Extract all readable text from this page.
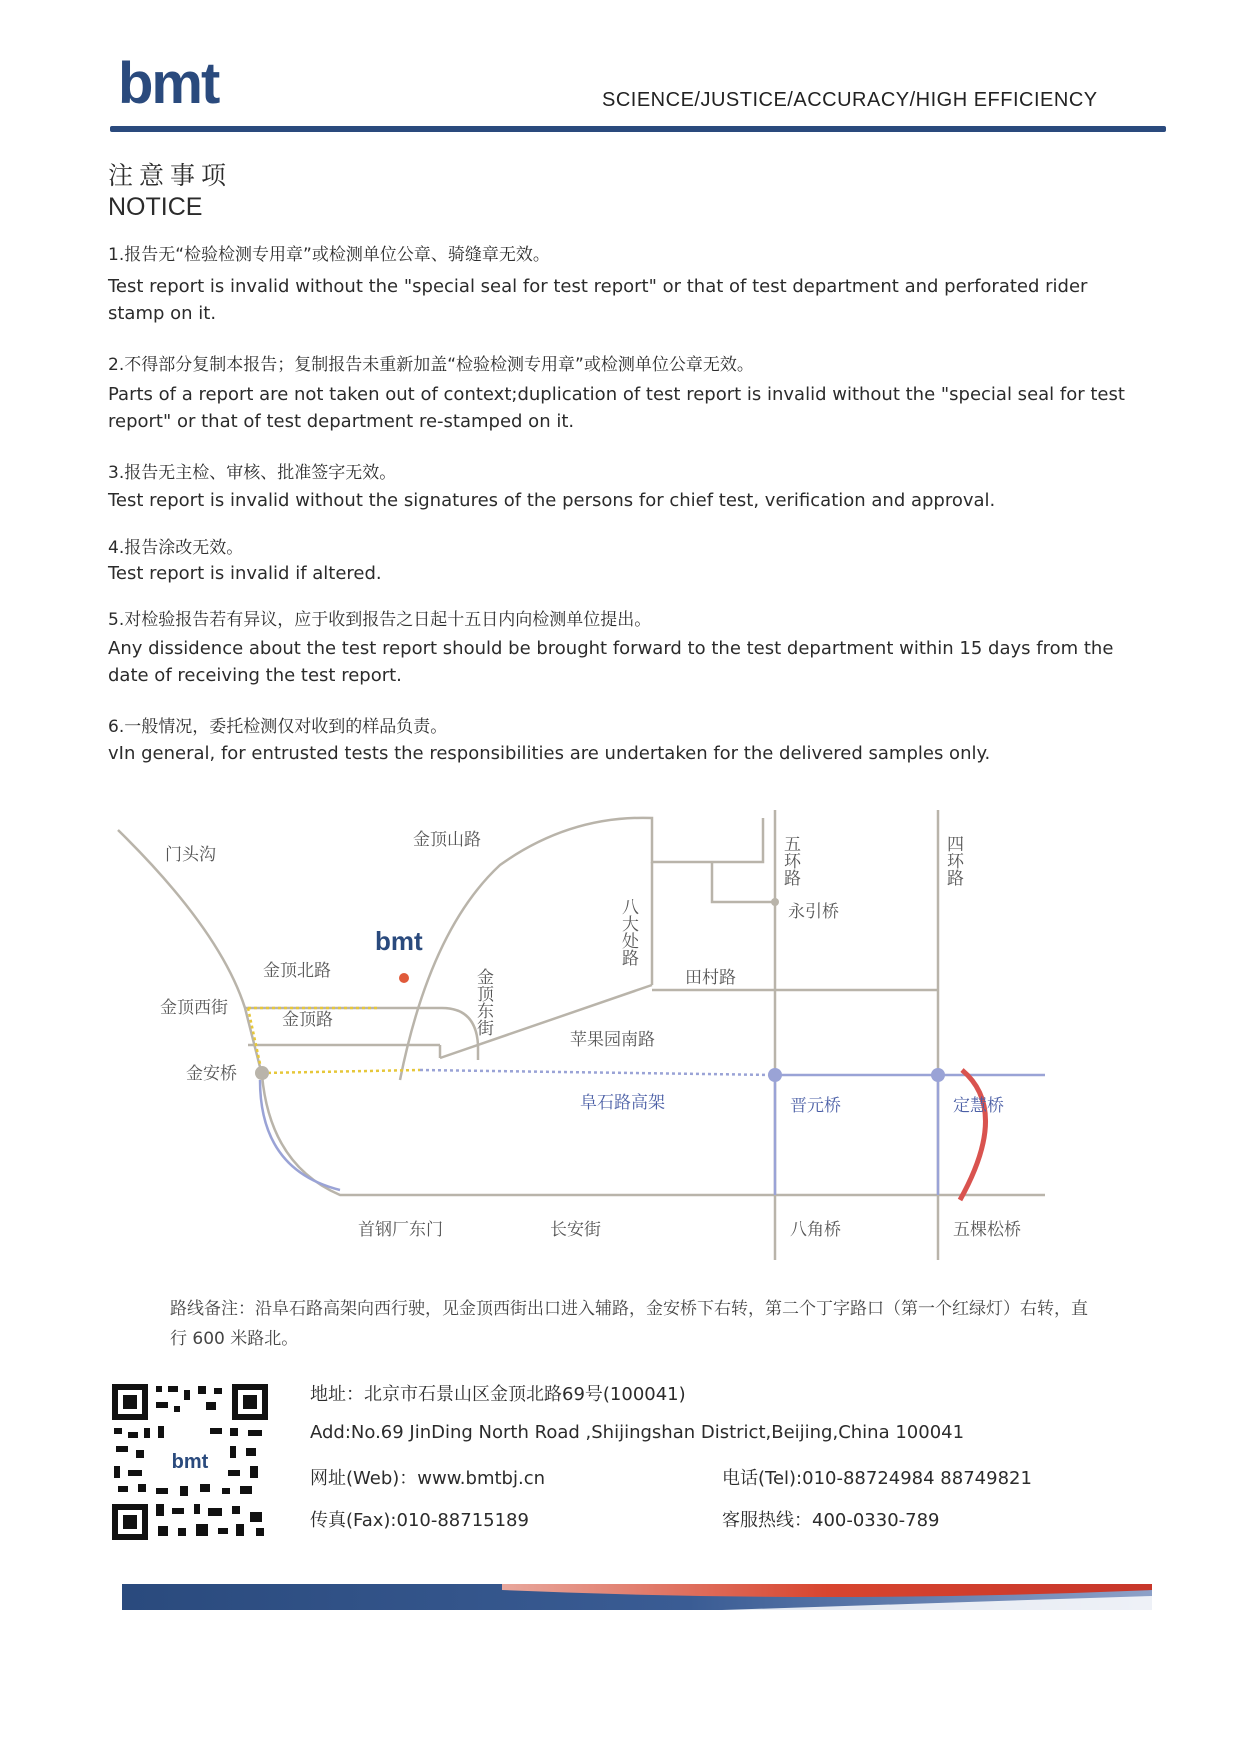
bmt	SCIENCE/JUSTICE/ACCURACY/HIGH EFFICIENCY
注意事项
NOTICE
1.报告无“检验检测专用章”或检测单位公章、骑缝章无效。
Test report is invalid without the "special seal for test report" or that of test department and perforated rider stamp on it.
2.不得部分复制本报告；复制报告未重新加盖“检验检测专用章”或检测单位公章无效。
Parts of a report are not taken out of context;duplication of test report is invalid without the "special seal for test report" or that of test department re-stamped on it.
3.报告无主检、审核、批准签字无效。
Test report is invalid without the signatures of the persons for chief test, verification and approval.
4.报告涂改无效。
Test report is invalid if altered.
5.对检验报告若有异议，应于收到报告之日起十五日内向检测单位提出。
Any dissidence about the test report should be brought forward to the test department within 15 days from the date of receiving the test report.
6.一般情况，委托检测仅对收到的样品负责。
vIn general, for entrusted tests the responsibilities are undertaken for the delivered samples only.
门头沟
金顶山路	五环路	四环路
八大处路	永引桥
bmt
金顶北路	金顶东街	田村路
金顶西街
金顶路
苹果园南路
金安桥
阜石路高架	晋元桥	定慧桥
首钢厂东门	长安街	八角桥	五棵松桥
路线备注：沿阜石路高架向西行驶，见金顶西街出口进入辅路，金安桥下右转，第二个丁字路口（第一个红绿灯）右转，直行 600 米路北。
bmt
地址：北京市石景山区金顶北路69号(100041)
Add:No.69 JinDing North Road ,Shijingshan District,Beijing,China 100041
网址(Web)：www.bmtbj.cn	电话(Tel):010-88724984 88749821
传真(Fax):010-88715189	客服热线：400-0330-789
